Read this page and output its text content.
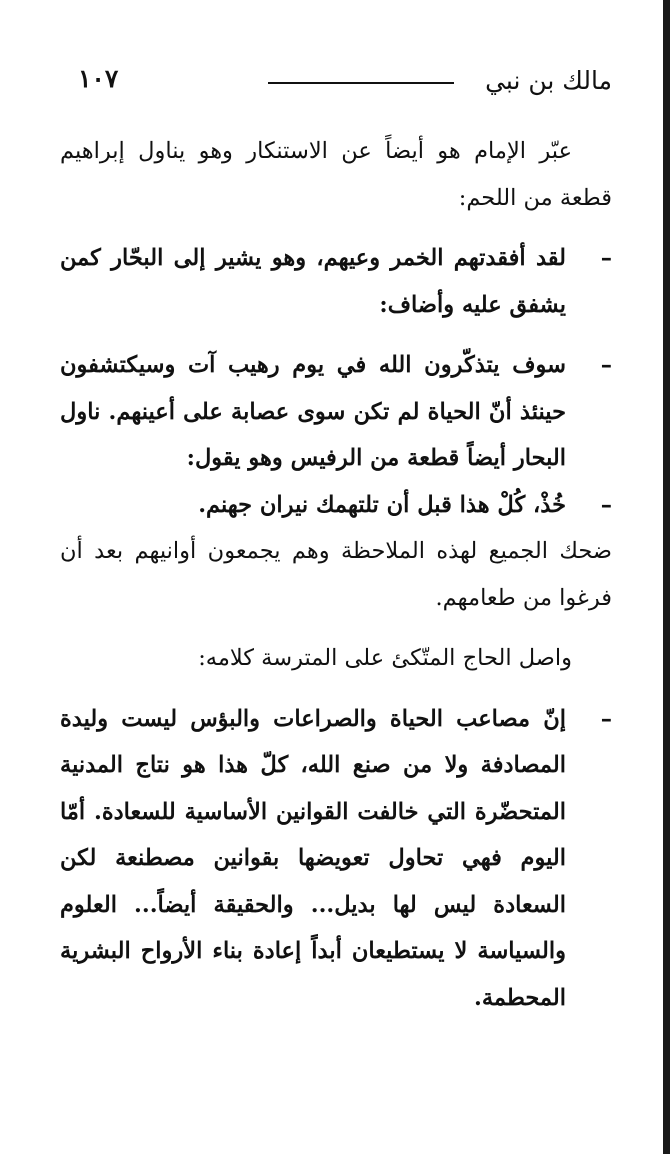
مالك بن نبي
١٠٧

عبّر الإمام هو أيضاً عن الاستنكار وهو يناول إبراهيم قطعة من اللحم:

–
لقد أفقدتهم الخمر وعيهم، وهو يشير إلى البحّار كمن يشفق عليه وأضاف:

–
سوف يتذكّرون الله في يوم رهيب آت وسيكتشفون حينئذ أنّ الحياة لم تكن سوى عصابة على أعينهم. ناول البحار أيضاً قطعة من الرفيس وهو يقول:

–
خُذْ، كُلْ هذا قبل أن تلتهمك نيران جهنم.

ضحك الجميع لهذه الملاحظة وهم يجمعون أوانيهم بعد أن فرغوا من طعامهم.

واصل الحاج المتّكئ على المترسة كلامه:

–
إنّ مصاعب الحياة والصراعات والبؤس ليست وليدة المصادفة ولا من صنع الله، كلّ هذا هو نتاج المدنية المتحضّرة التي خالفت القوانين الأساسية للسعادة. أمّا اليوم فهي تحاول تعويضها بقوانين مصطنعة لكن السعادة ليس لها بديل... والحقيقة أيضاً... العلوم والسياسة لا يستطيعان أبداً إعادة بناء الأرواح البشرية المحطمة.
